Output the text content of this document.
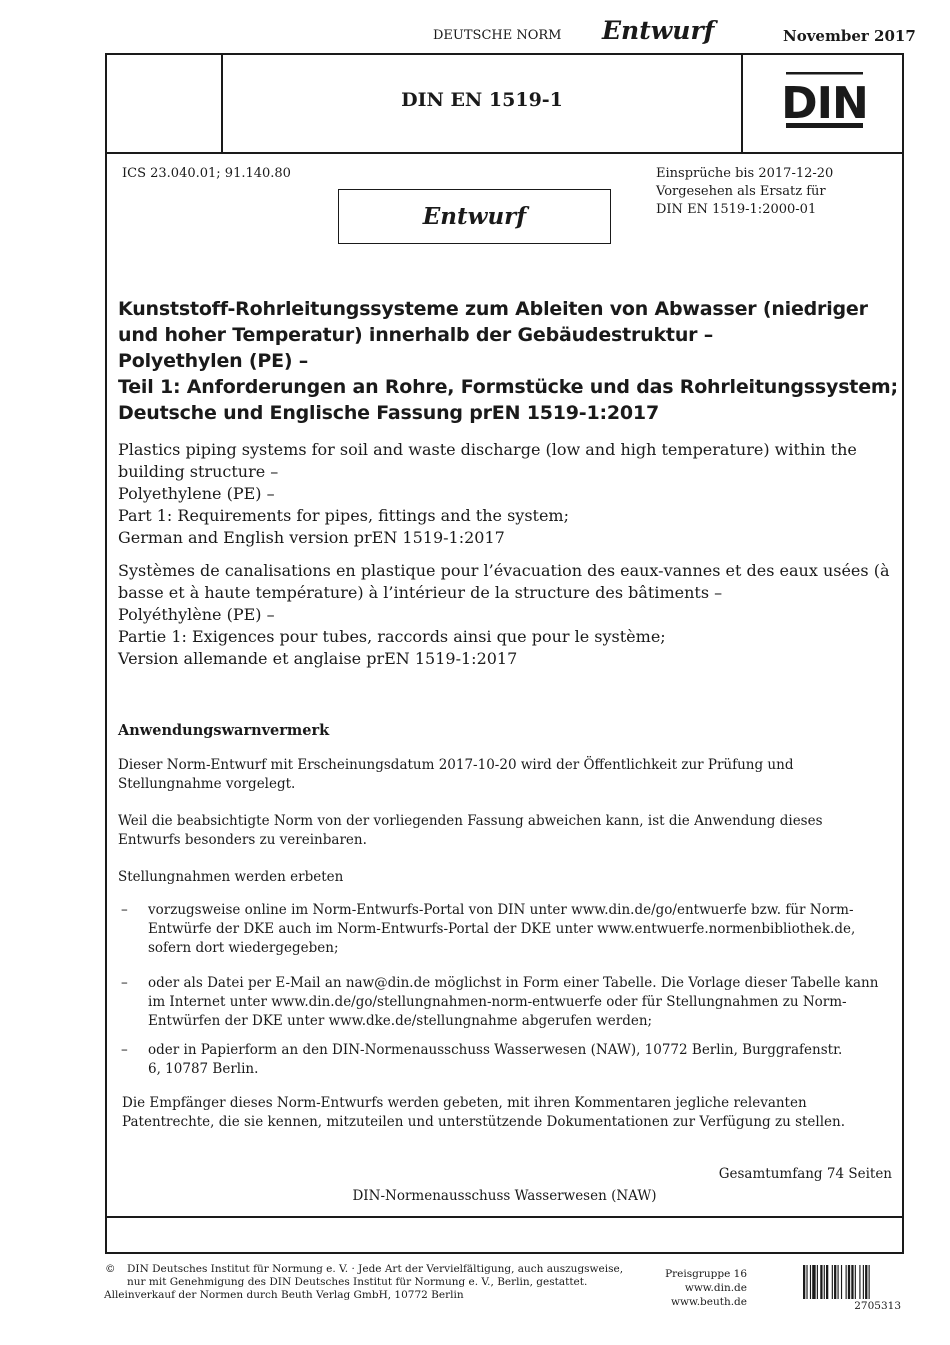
DEUTSCHE NORM Entwurf	November 2017
DIN EN 1519-1	DIN
ICS 23.040.01; 91.140.80
Entwurf
Einsprüche bis 2017-12-20
Vorgesehen als Ersatz für
DIN EN 1519-1:2000-01
Kunststoff-Rohrleitungssysteme zum Ableiten von Abwasser (niedriger
und hoher Temperatur) innerhalb der Gebäudestruktur –
Polyethylen (PE) –
Teil 1: Anforderungen an Rohre, Formstücke und das Rohrleitungssystem;
Deutsche und Englische Fassung prEN 1519-1:2017
Plastics piping systems for soil and waste discharge (low and high temperature) within the
building structure –
Polyethylene (PE) –
Part 1: Requirements for pipes, fittings and the system;
German and English version prEN 1519-1:2017
Systèmes de canalisations en plastique pour l’évacuation des eaux-vannes et des eaux usées (à
basse et à haute température) à l’intérieur de la structure des bâtiments –
Polyéthylène (PE) –
Partie 1: Exigences pour tubes, raccords ainsi que pour le système;
Version allemande et anglaise prEN 1519-1:2017
Anwendungswarnvermerk
Dieser Norm-Entwurf mit Erscheinungsdatum 2017-10-20 wird der Öffentlichkeit zur Prüfung und Stellungnahme vorgelegt.
Weil die beabsichtigte Norm von der vorliegenden Fassung abweichen kann, ist die Anwendung dieses Entwurfs besonders zu vereinbaren.
Stellungnahmen werden erbeten
– vorzugsweise online im Norm-Entwurfs-Portal von DIN unter www.din.de/go/entwuerfe bzw. für Norm-Entwürfe der DKE auch im Norm-Entwurfs-Portal der DKE unter www.entwuerfe.normenbibliothek.de, sofern dort wiedergegeben;
– oder als Datei per E-Mail an naw@din.de möglichst in Form einer Tabelle. Die Vorlage dieser Tabelle kann im Internet unter www.din.de/go/stellungnahmen-norm-entwuerfe oder für Stellungnahmen zu Norm-Entwürfen der DKE unter www.dke.de/stellungnahme abgerufen werden;
– oder in Papierform an den DIN-Normenausschuss Wasserwesen (NAW), 10772 Berlin, Burggrafenstr. 6, 10787 Berlin.
Die Empfänger dieses Norm-Entwurfs werden gebeten, mit ihren Kommentaren jegliche relevanten Patentrechte, die sie kennen, mitzuteilen und unterstützende Dokumentationen zur Verfügung zu stellen.
Gesamtumfang 74 Seiten
DIN-Normenausschuss Wasserwesen (NAW)
© DIN Deutsches Institut für Normung e. V. · Jede Art der Vervielfältigung, auch auszugsweise,
nur mit Genehmigung des DIN Deutsches Institut für Normung e. V., Berlin, gestattet.
Alleinverkauf der Normen durch Beuth Verlag GmbH, 10772 Berlin
Preisgruppe 16
www.din.de
www.beuth.de	2705313
